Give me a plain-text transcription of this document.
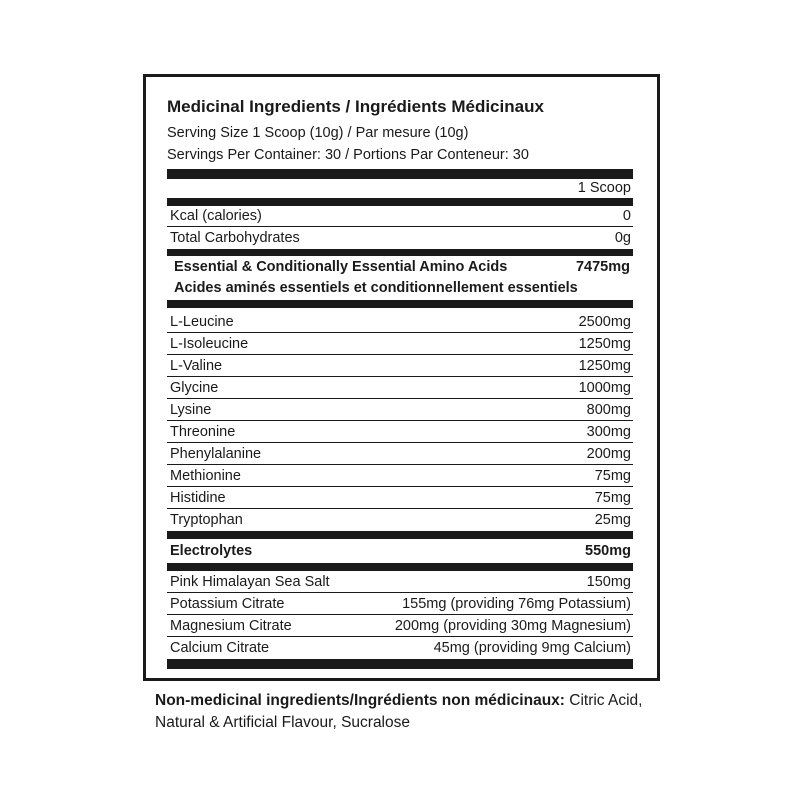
Medicinal Ingredients / Ingrédients Médicinaux
Serving Size 1 Scoop (10g) / Par mesure (10g)
Servings Per Container: 30 / Portions Par Conteneur: 30
1 Scoop
Kcal (calories)	0
Total Carbohydrates	0g
Essential & Conditionally Essential Amino Acids	7475mg
Acides aminés essentiels et conditionnellement essentiels
L-Leucine	2500mg
L-Isoleucine	1250mg
L-Valine	1250mg
Glycine	1000mg
Lysine	800mg
Threonine	300mg
Phenylalanine	200mg
Methionine	75mg
Histidine	75mg
Tryptophan	25mg
Electrolytes	550mg
Pink Himalayan Sea Salt	150mg
Potassium Citrate	155mg (providing 76mg Potassium)
Magnesium Citrate	200mg (providing 30mg Magnesium)
Calcium Citrate	45mg (providing 9mg Calcium)
Non-medicinal ingredients/Ingrédients non médicinaux: Citric Acid, Natural & Artificial Flavour, Sucralose
